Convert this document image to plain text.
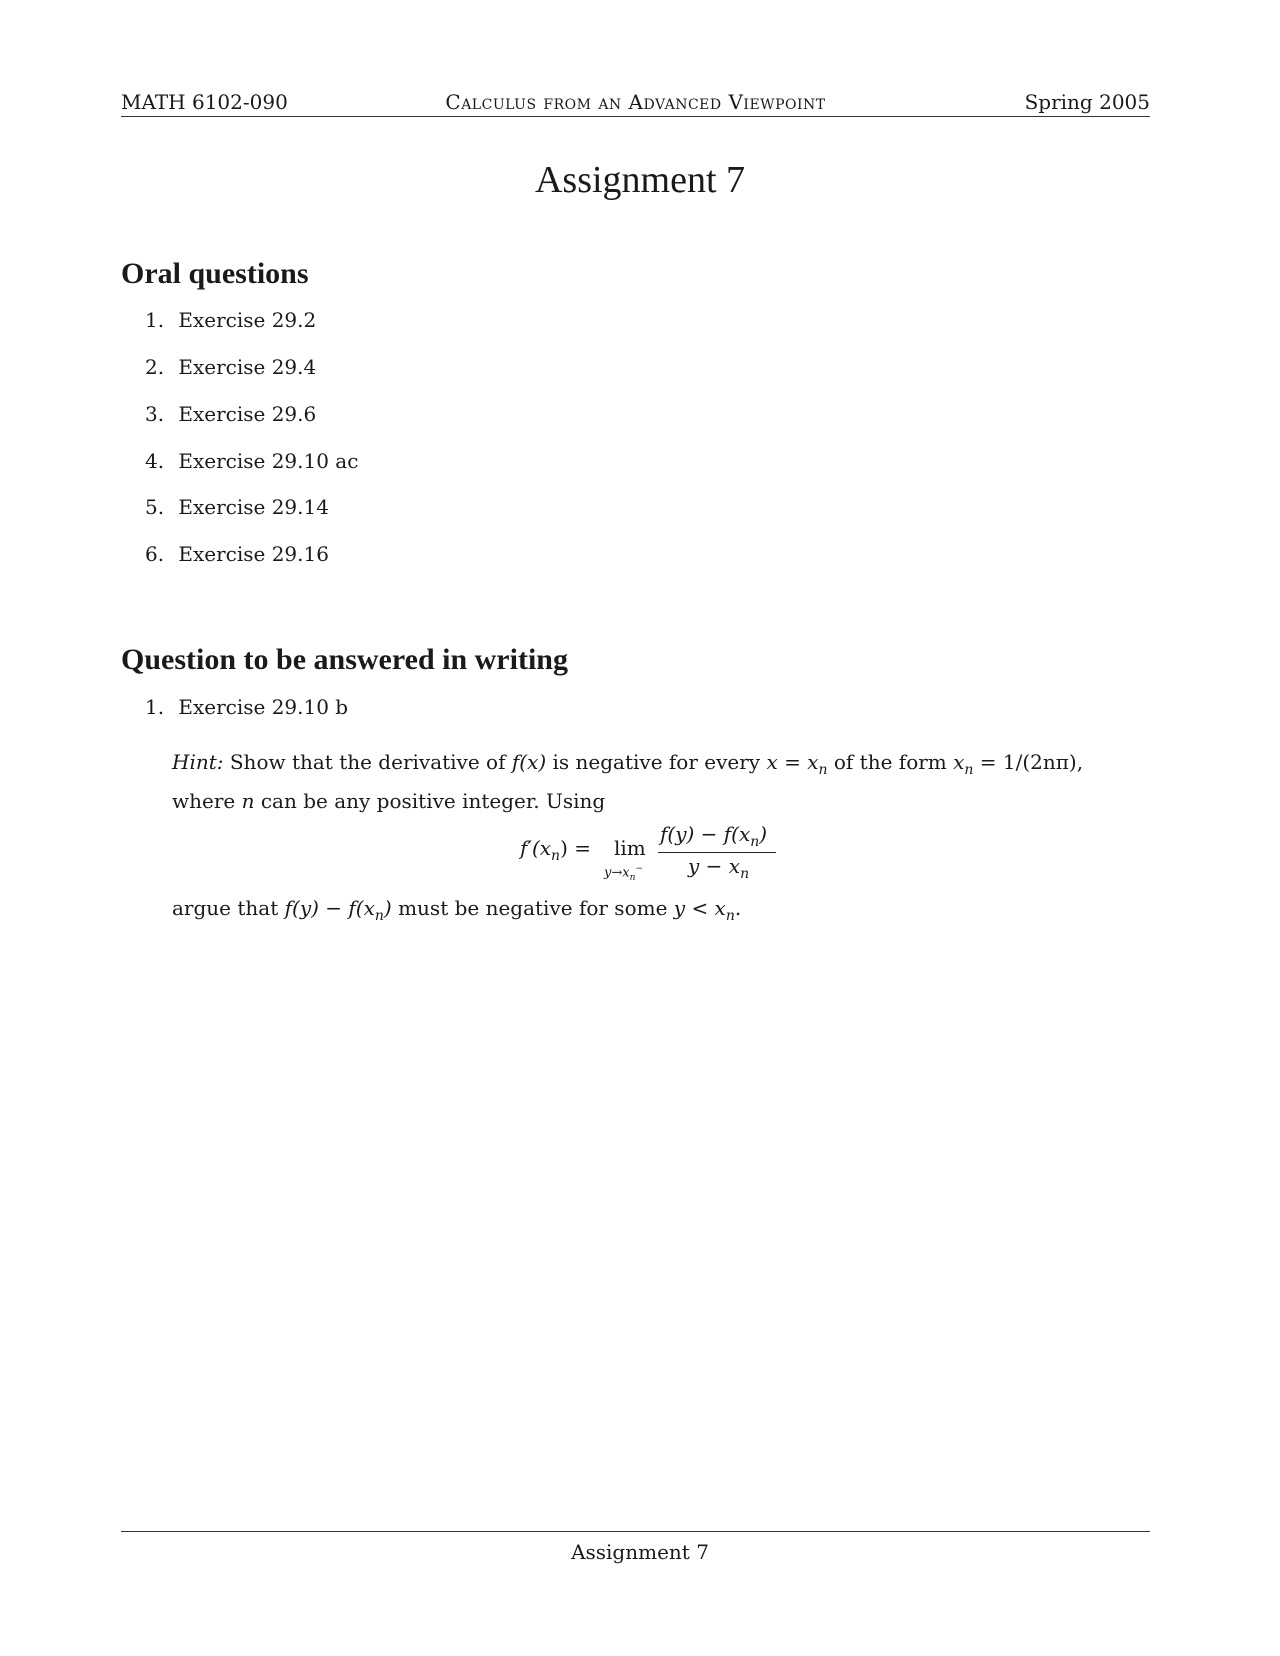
MATH 6102-090	Calculus from an Advanced Viewpoint	Spring 2005
Assignment 7
Oral questions
1. Exercise 29.2
2. Exercise 29.4
3. Exercise 29.6
4. Exercise 29.10 ac
5. Exercise 29.14
6. Exercise 29.16
Question to be answered in writing
1. Exercise 29.10 b
Hint: Show that the derivative of f(x) is negative for every $x = x_n$ of the form $x_n = 1/(2n\pi)$, where n can be any positive integer. Using
$f'(x_n) = \lim$
$y\to x_n^-$
$f(y) - f(x_n)$
$y - x_n$
argue that $f(y) - f(x_n)$ must be negative for some $y < x_n$.
Assignment 7
